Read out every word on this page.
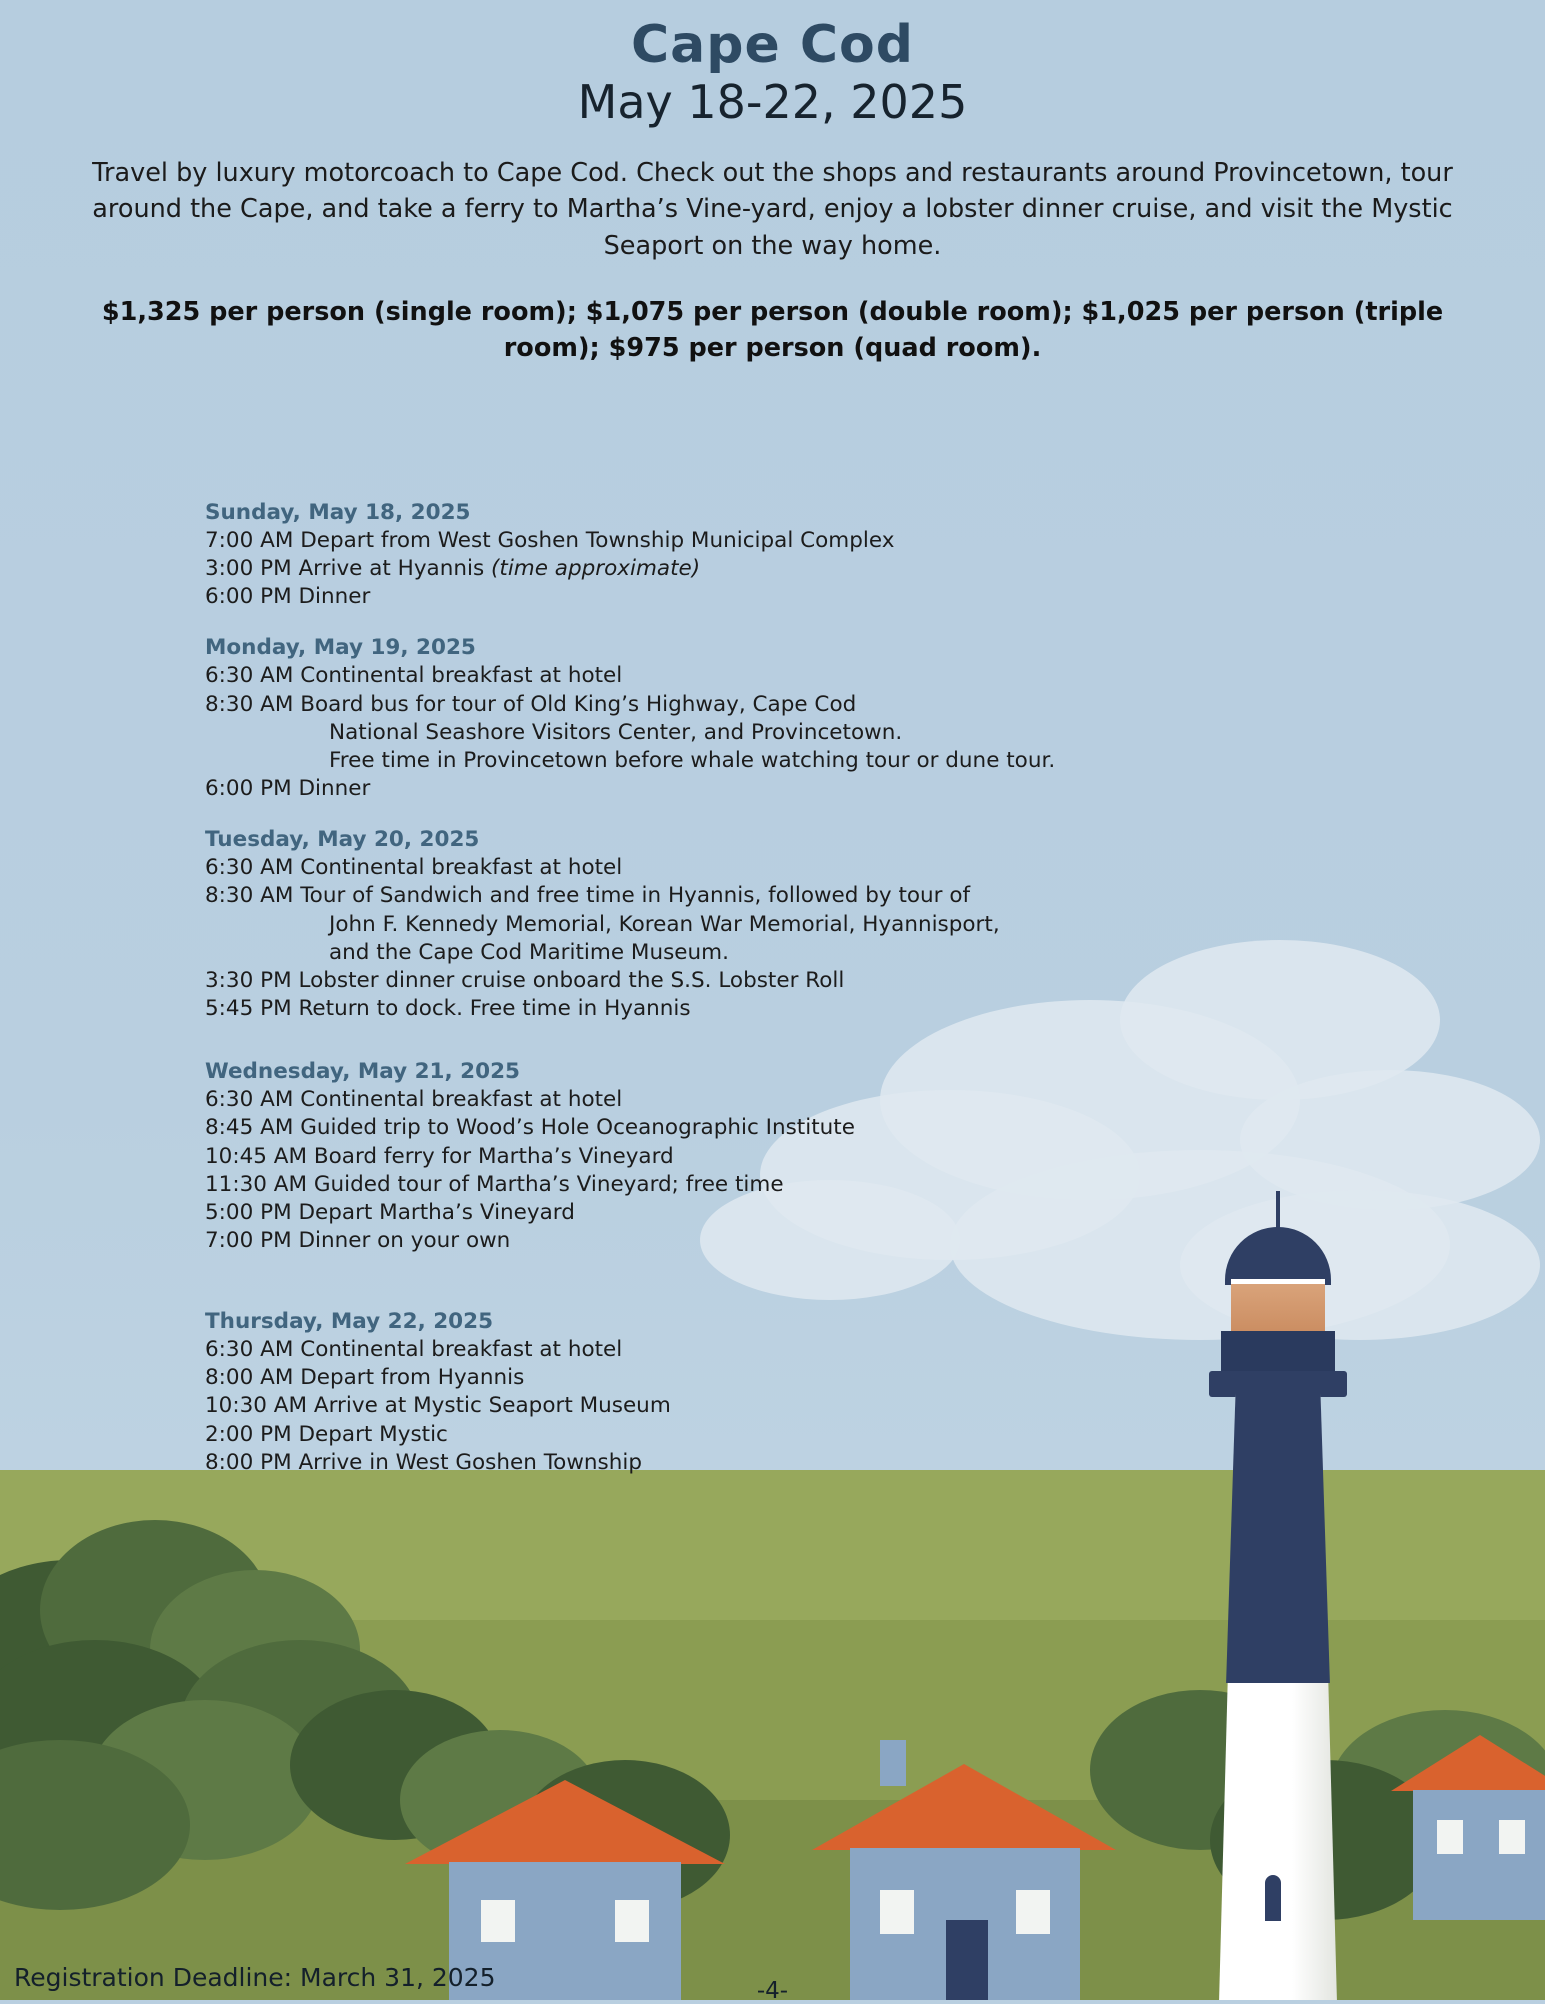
Cape Cod
May 18-22, 2025

Travel by luxury motorcoach to Cape Cod. Check out the shops and restaurants around Provincetown, tour around the Cape, and take a ferry to Martha’s Vine-yard, enjoy a lobster dinner cruise, and visit the Mystic Seaport on the way home.

$1,325 per person (single room); $1,075 per person (double room); $1,025 per person (triple room); $975 per person (quad room).

Sunday, May 18, 2025
7:00 AM Depart from West Goshen Township Municipal Complex
3:00 PM Arrive at Hyannis (time approximate)
6:00 PM Dinner
Monday, May 19, 2025
6:30 AM Continental breakfast at hotel
8:30 AM Board bus for tour of Old King’s Highway, Cape Cod
National Seashore Visitors Center, and Provincetown.
Free time in Provincetown before whale watching tour or dune tour.
6:00 PM Dinner
Tuesday, May 20, 2025
6:30 AM Continental breakfast at hotel
8:30 AM Tour of Sandwich and free time in Hyannis, followed by tour of
John F. Kennedy Memorial, Korean War Memorial, Hyannisport,
and the Cape Cod Maritime Museum.
3:30 PM Lobster dinner cruise onboard the S.S. Lobster Roll
5:45 PM Return to dock. Free time in Hyannis
Wednesday, May 21, 2025
6:30 AM Continental breakfast at hotel
8:45 AM Guided trip to Wood’s Hole Oceanographic Institute
10:45 AM Board ferry for Martha’s Vineyard
11:30 AM Guided tour of Martha’s Vineyard; free time
5:00 PM Depart Martha’s Vineyard
7:00 PM Dinner on your own
Thursday, May 22, 2025
6:30 AM Continental breakfast at hotel
8:00 AM Depart from Hyannis
10:30 AM Arrive at Mystic Seaport Museum
2:00 PM Depart Mystic
8:00 PM Arrive in West Goshen Township
Registration Deadline: March 31, 2025	-4-
